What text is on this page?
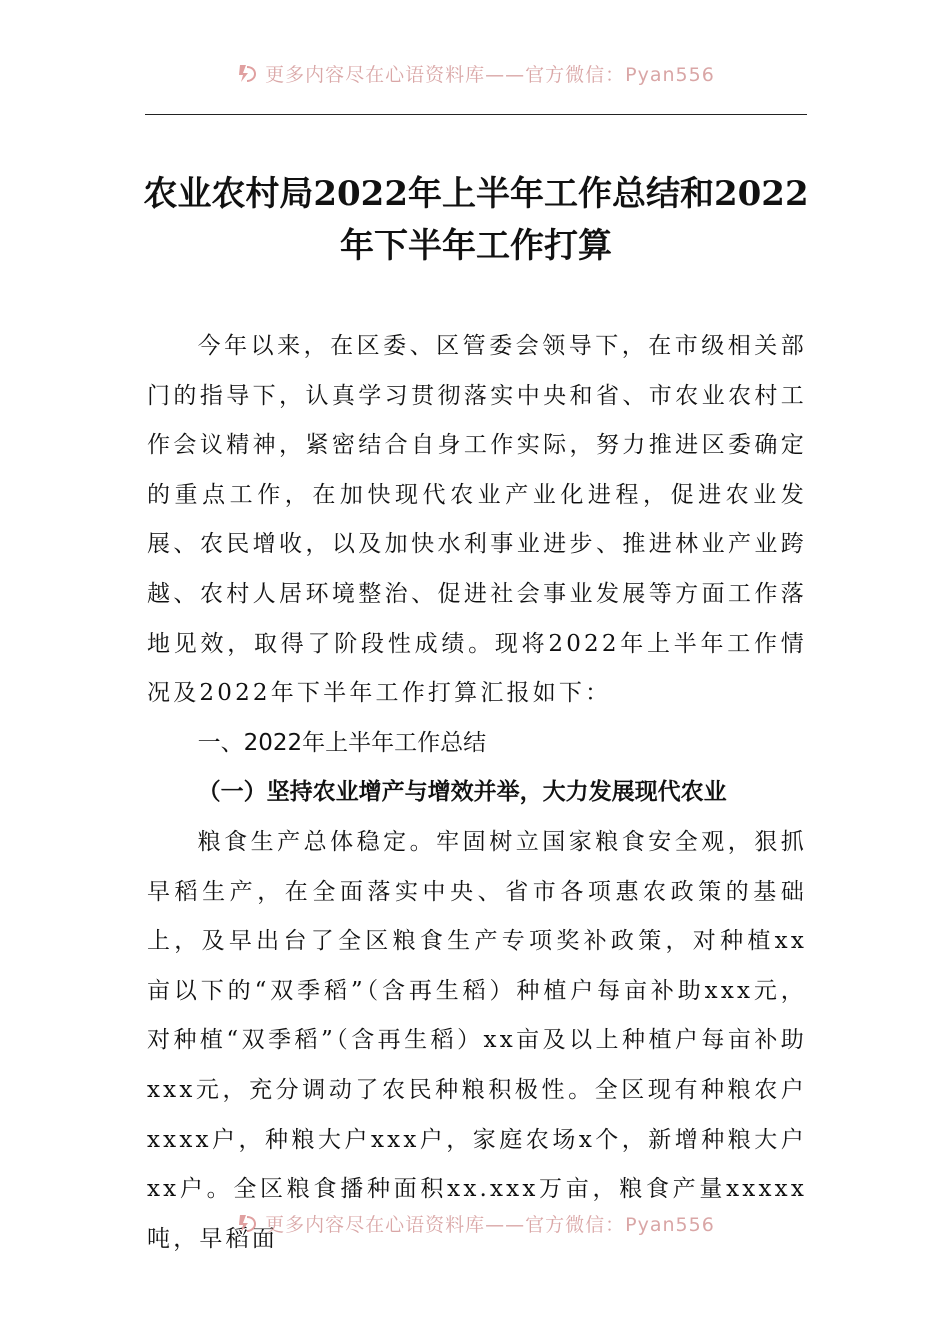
更多内容尽在心语资料库——官方微信：Pyan556
农业农村局2022年上半年工作总结和2022年下半年工作打算

今年以来，在区委、区管委会领导下，在市级相关部门的指导下，认真学习贯彻落实中央和省、市农业农村工作会议精神，紧密结合自身工作实际，努力推进区委确定的重点工作，在加快现代农业产业化进程，促进农业发展、农民增收，以及加快水利事业进步、推进林业产业跨越、农村人居环境整治、促进社会事业发展等方面工作落地见效，取得了阶段性成绩。现将2022年上半年工作情况及2022年下半年工作打算汇报如下：

一、2022年上半年工作总结

（一）坚持农业增产与增效并举，大力发展现代农业

粮食生产总体稳定。牢固树立国家粮食安全观，狠抓早稻生产，在全面落实中央、省市各项惠农政策的基础上，及早出台了全区粮食生产专项奖补政策，对种植xx亩以下的“双季稻”（含再生稻）种植户每亩补助xxx元，对种植“双季稻”（含再生稻）xx亩及以上种植户每亩补助xxx元，充分调动了农民种粮积极性。全区现有种粮农户xxxx户，种粮大户xxx户，家庭农场x个，新增种粮大户xx户。全区粮食播种面积xx.xxx万亩，粮食产量xxxxx吨，早稻面

更多内容尽在心语资料库——官方微信：Pyan556
